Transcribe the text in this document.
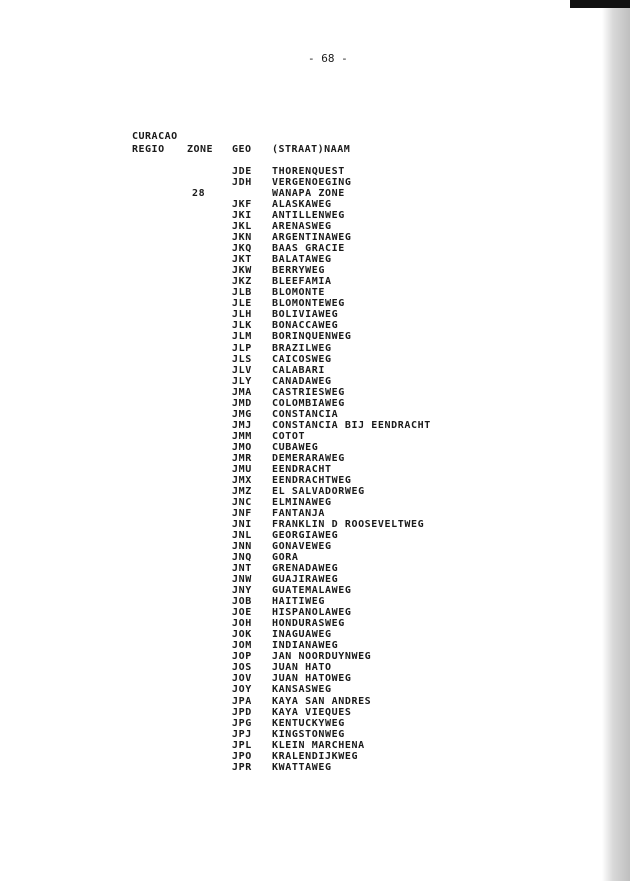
- 68 -
CURACAO
REGIO ZONE GEO (STRAAT)NAAM
JDE THORENQUEST
JDH VERGENOEGING
28	WANAPA ZONE
JKF ALASKAWEG
JKI ANTILLENWEG
JKL ARENASWEG
JKN ARGENTINAWEG
JKQ BAAS GRACIE
JKT BALATAWEG
JKW BERRYWEG
JKZ BLEEFAMIA
JLB BLOMONTE
JLE BLOMONTEWEG
JLH BOLIVIAWEG
JLK BONACCAWEG
JLM BORINQUENWEG
JLP BRAZILWEG
JLS CAICOSWEG
JLV CALABARI
JLY CANADAWEG
JMA CASTRIESWEG
JMD COLOMBIAWEG
JMG CONSTANCIA
JMJ CONSTANCIA BIJ EENDRACHT
JMM COTOT
JMO CUBAWEG
JMR DEMERARAWEG
JMU EENDRACHT
JMX EENDRACHTWEG
JMZ EL SALVADORWEG
JNC ELMINAWEG
JNF FANTANJA
JNI FRANKLIN D ROOSEVELTWEG
JNL GEORGIAWEG
JNN GONAVEWEG
JNQ GORA
JNT GRENADAWEG
JNW GUAJIRAWEG
JNY GUATEMALAWEG
JOB HAITIWEG
JOE HISPANOLAWEG
JOH HONDURASWEG
JOK INAGUAWEG
JOM INDIANAWEG
JOP JAN NOORDUYNWEG
JOS JUAN HATO
JOV JUAN HATOWEG
JOY KANSASWEG
JPA KAYA SAN ANDRES
JPD KAYA VIEQUES
JPG KENTUCKYWEG
JPJ KINGSTONWEG
JPL KLEIN MARCHENA
JPO KRALENDIJKWEG
JPR KWATTAWEG
